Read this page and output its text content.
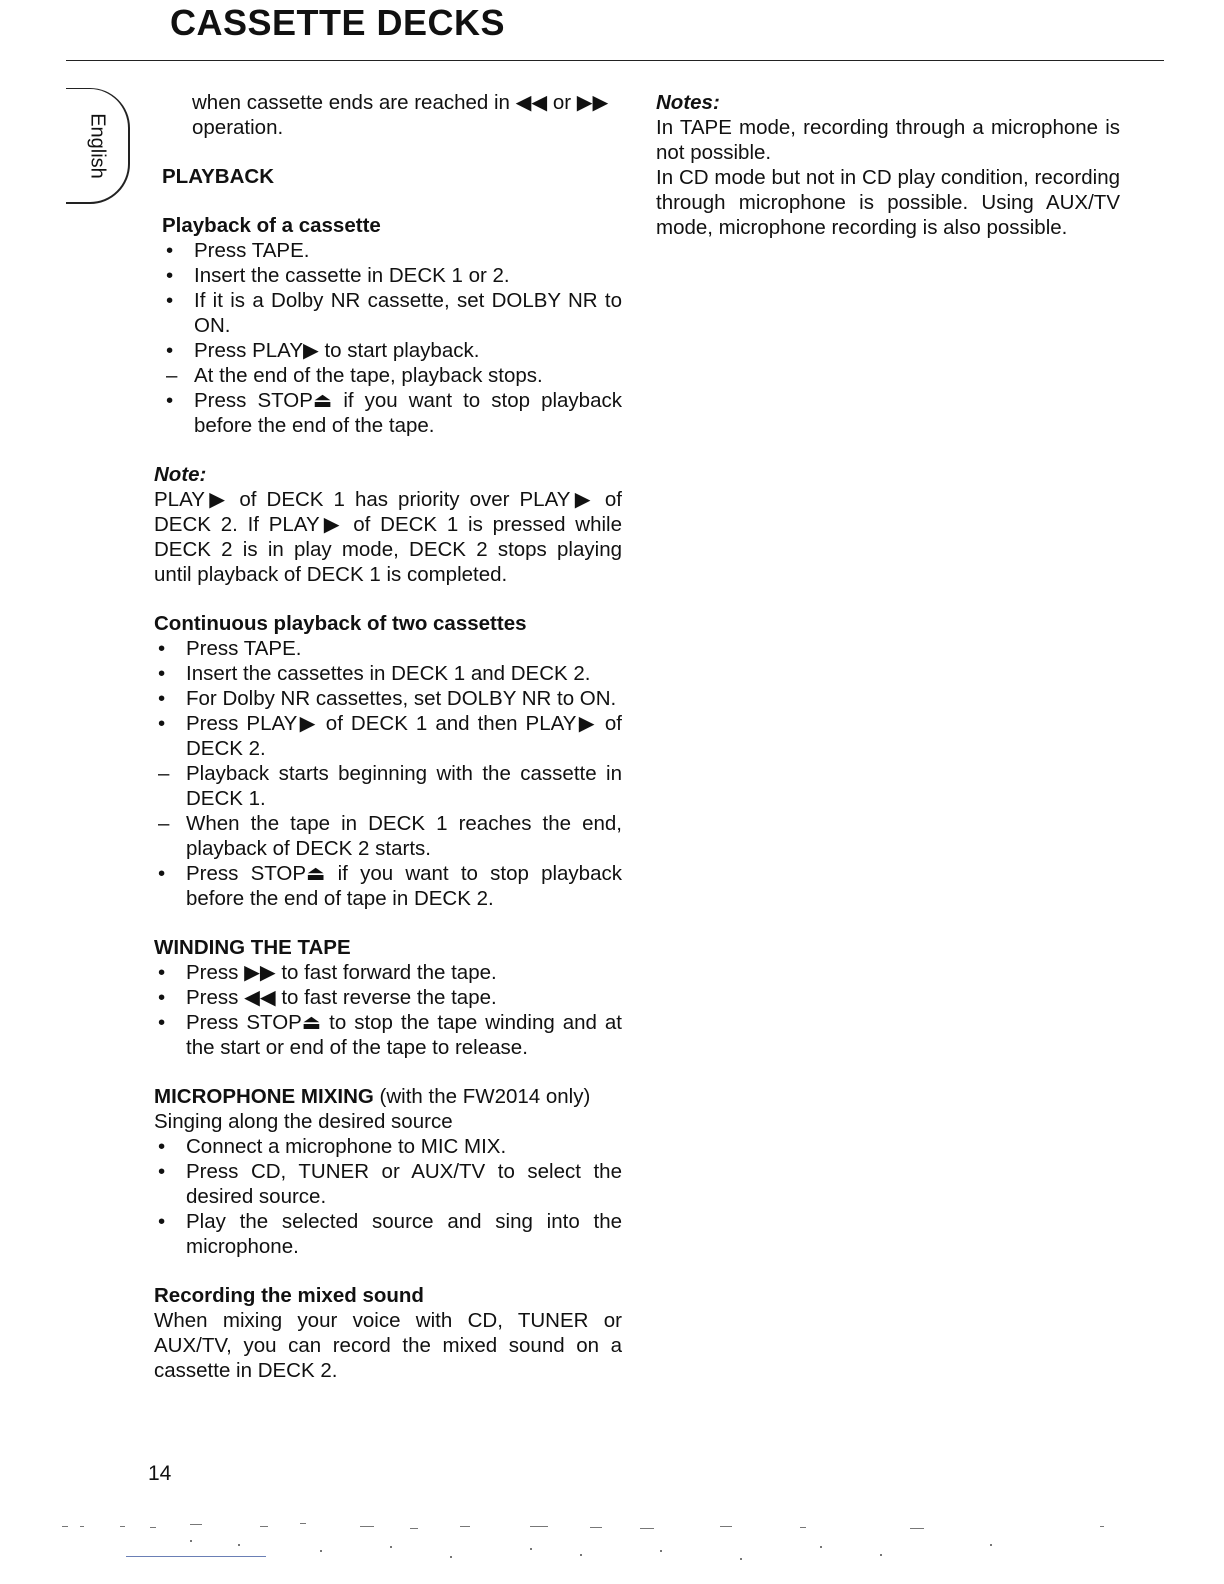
CASSETTE DECKS
English

when cassette ends are reached in ◀◀ or ▶▶ operation.

PLAYBACK

Playback of a cassette

•	Press TAPE.
•	Insert the cassette in DECK 1 or 2.
•	If it is a Dolby NR cassette, set DOLBY NR to ON.
•	Press PLAY▶ to start playback.
– At the end of the tape, playback stops.
•	Press STOP⏏ if you want to stop playback before the end of the tape.

Note:

PLAY▶ of DECK 1 has priority over PLAY▶ of DECK 2. If PLAY▶ of DECK 1 is pressed while DECK 2 is in play mode, DECK 2 stops playing until playback of DECK 1 is completed.

Continuous playback of two cassettes

•	Press TAPE.
•	Insert the cassettes in DECK 1 and DECK 2.
•	For Dolby NR cassettes, set DOLBY NR to ON.
•	Press PLAY▶ of DECK 1 and then PLAY▶ of DECK 2.
– Playback starts beginning with the cassette in DECK 1.
– When the tape in DECK 1 reaches the end, playback of DECK 2 starts.
•	Press STOP⏏ if you want to stop playback before the end of tape in DECK 2.

WINDING THE TAPE

•	Press ▶▶ to fast forward the tape.
•	Press ◀◀ to fast reverse the tape.
•	Press STOP⏏ to stop the tape winding and at the start or end of the tape to release.

MICROPHONE MIXING (with the FW2014 only)

Singing along the desired source

•	Connect a microphone to MIC MIX.
•	Press CD, TUNER or AUX/TV to select the desired source.
•	Play the selected source and sing into the microphone.

Recording the mixed sound

When mixing your voice with CD, TUNER or AUX/TV, you can record the mixed sound on a cassette in DECK 2.

Notes:

In TAPE mode, recording through a microphone is not possible.

In CD mode but not in CD play condition, recording through microphone is possible. Using AUX/TV mode, microphone recording is also possible.

14
